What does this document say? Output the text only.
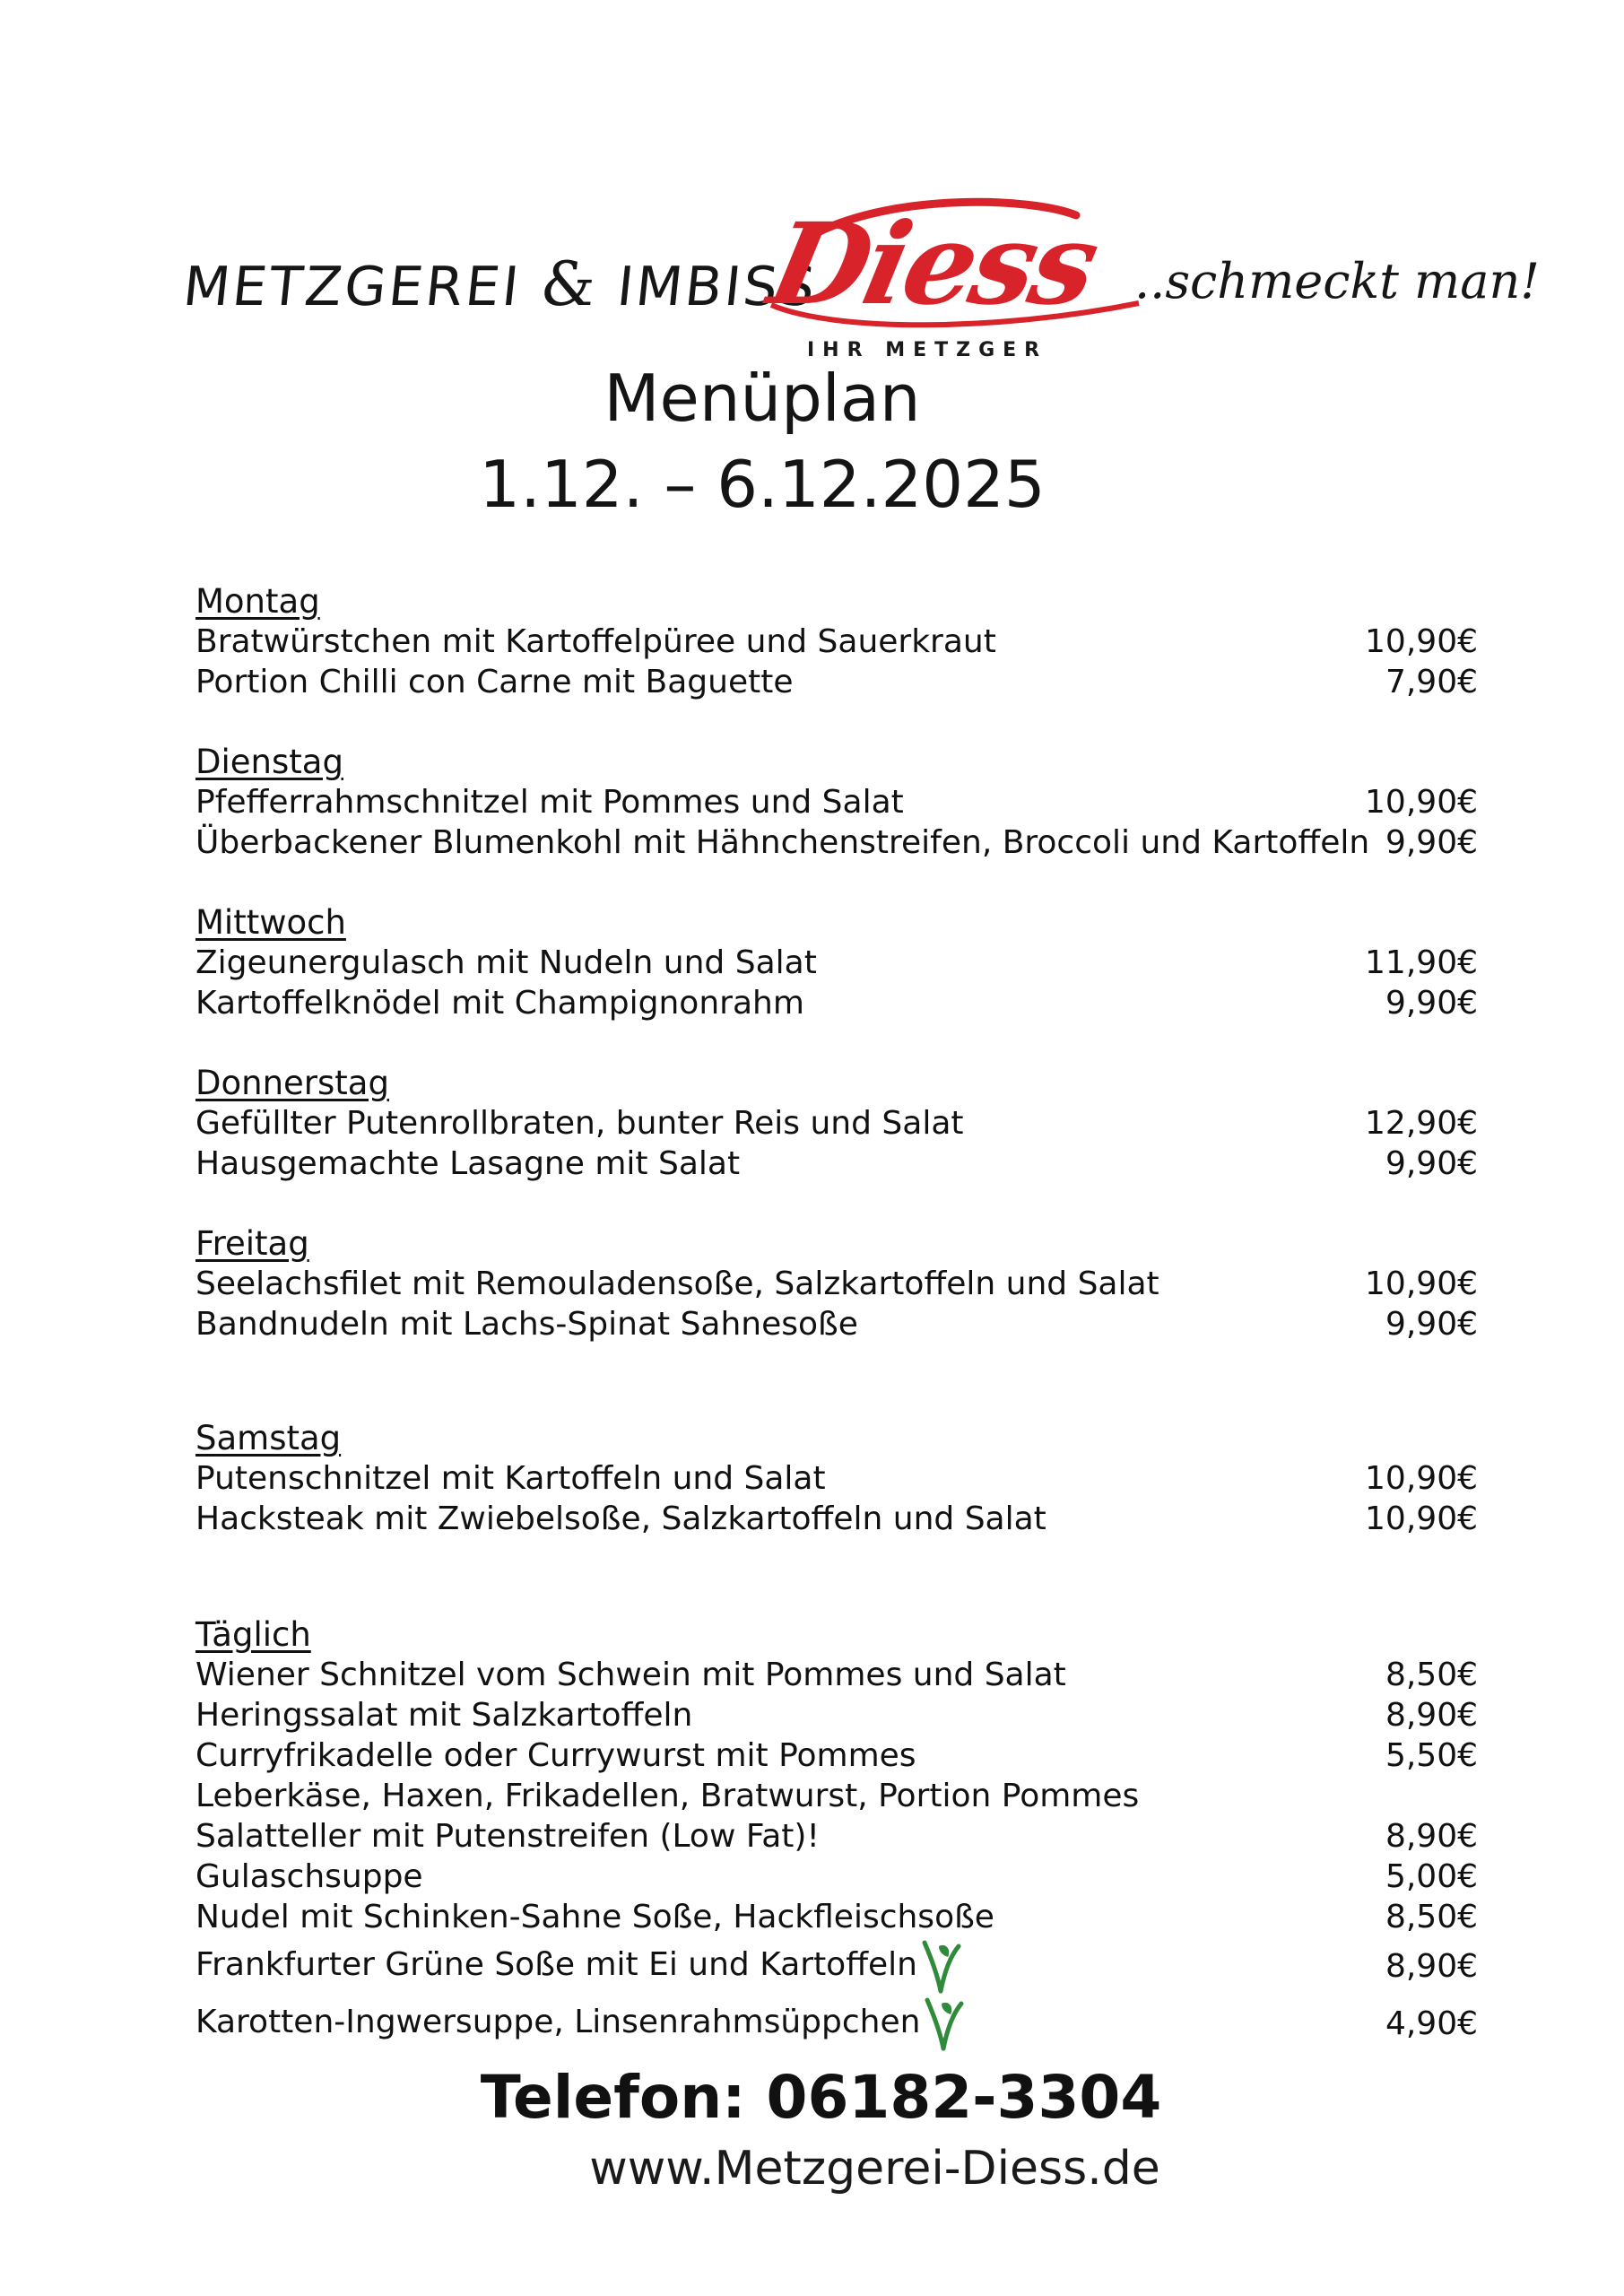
METZGEREI & IMBISS
Diess
IHR METZGER
..schmeckt man!
Menüplan
1.12. – 6.12.2025
Montag
Bratwürstchen mit Kartoffelpüree und Sauerkraut	10,90€
Portion Chilli con Carne mit Baguette	7,90€
Dienstag
Pfefferrahmschnitzel mit Pommes und Salat	10,90€
Überbackener Blumenkohl mit Hähnchenstreifen, Broccoli und Kartoffeln 9,90€
Mittwoch
Zigeunergulasch mit Nudeln und Salat	11,90€
Kartoffelknödel mit Champignonrahm	9,90€
Donnerstag
Gefüllter Putenrollbraten, bunter Reis und Salat	12,90€
Hausgemachte Lasagne mit Salat	9,90€
Freitag
Seelachsfilet mit Remouladensoße, Salzkartoffeln und Salat	10,90€
Bandnudeln mit Lachs-Spinat Sahnesoße	9,90€
Samstag
Putenschnitzel mit Kartoffeln und Salat	10,90€
Hacksteak mit Zwiebelsoße, Salzkartoffeln und Salat	10,90€
Täglich
Wiener Schnitzel vom Schwein mit Pommes und Salat	8,50€
Heringssalat mit Salzkartoffeln	8,90€
Curryfrikadelle oder Currywurst mit Pommes	5,50€
Leberkäse, Haxen, Frikadellen, Bratwurst, Portion Pommes
Salatteller mit Putenstreifen (Low Fat)!	8,90€
Gulaschsuppe	5,00€
Nudel mit Schinken-Sahne Soße, Hackfleischsoße	8,50€
Frankfurter Grüne Soße mit Ei und Kartoffeln	8,90€
Karotten-Ingwersuppe, Linsenrahmsüppchen	4,90€
Telefon: 06182-3304
www.Metzgerei-Diess.de
